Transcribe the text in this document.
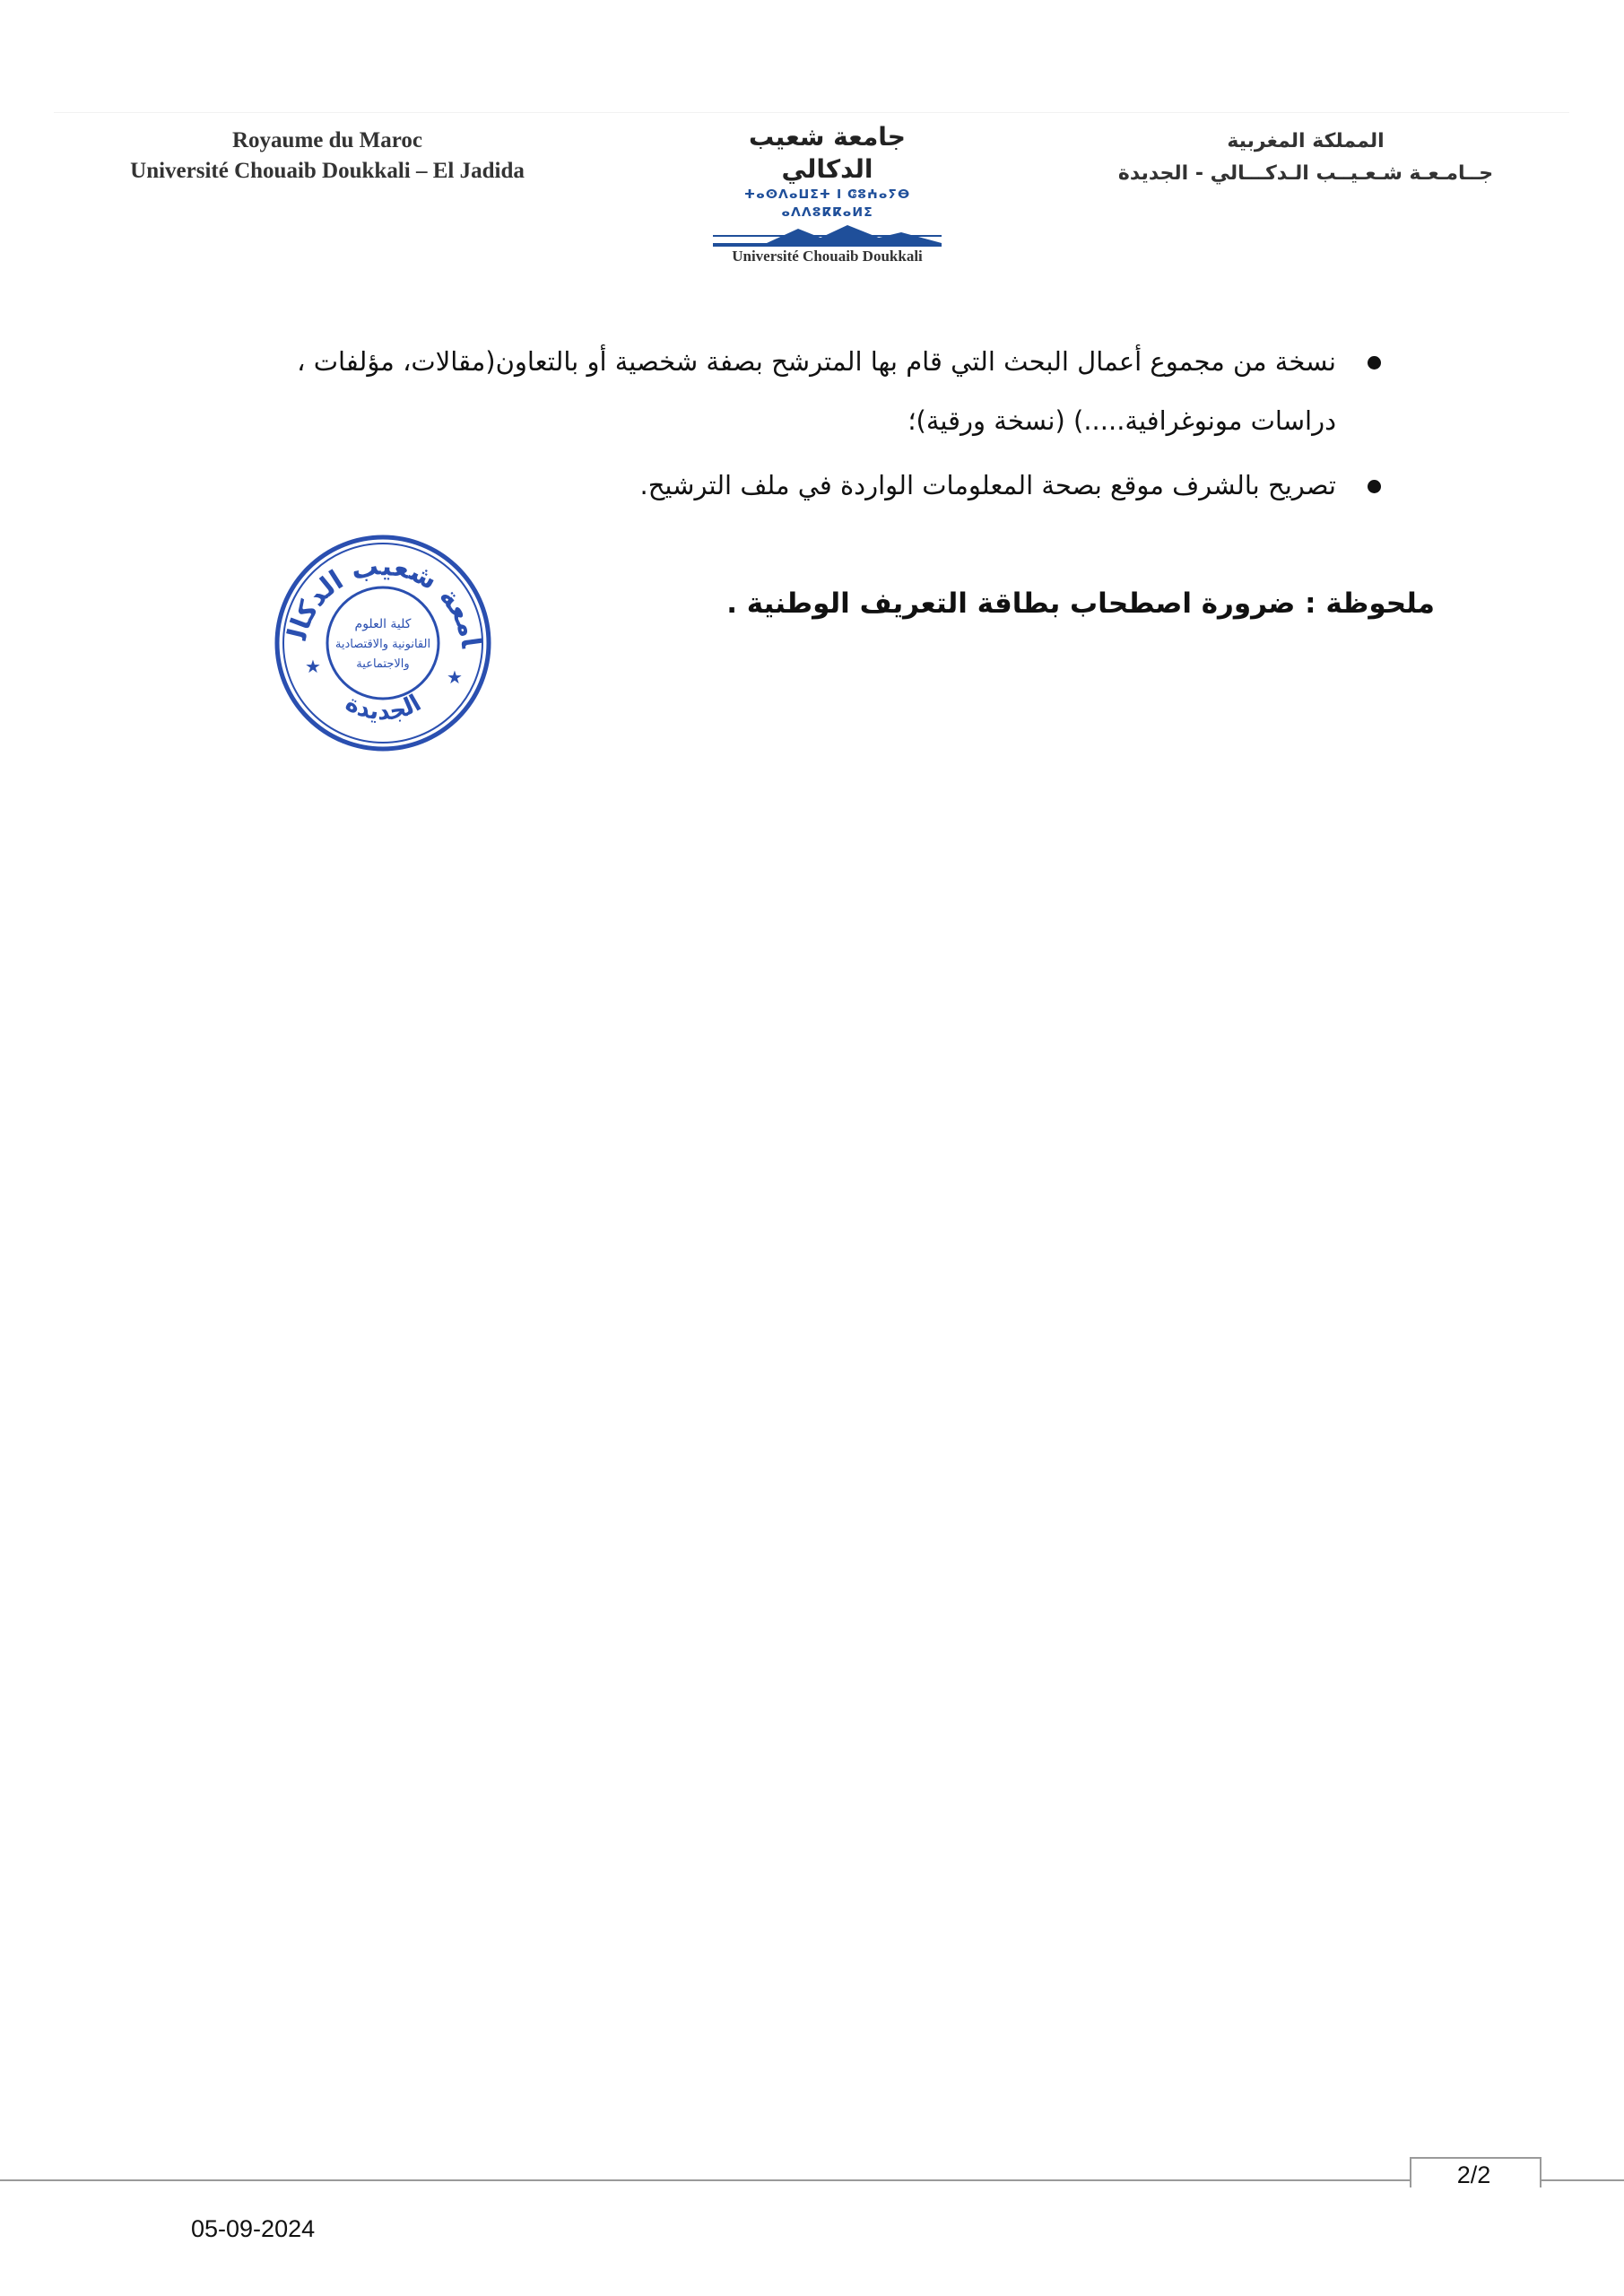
Royaume du Maroc
Université Chouaib Doukkali – El Jadida
جامعة شعيب الدكالي
ⵜⴰⵙⴷⴰⵡⵉⵜ ⵏ ⵛⵓⵄⴰⵢⴱ ⴰⴷⴷⵓⴽⴽⴰⵍⵉ
Université Chouaib Doukkali
المملكة المغربية
جــامـعـة شـعـيــب الـدكـــالي - الجديدة
نسخة من مجموع أعمال البحث التي قام بها المترشح بصفة شخصية أو بالتعاون(مقالات، مؤلفات ، دراسات مونوغرافية.....) (نسخة ورقية)؛
تصريح بالشرف موقع بصحة المعلومات الواردة في ملف الترشيح.
ملحوظة : ضرورة اصطحاب بطاقة التعريف الوطنية .
امعة شعيب الدكال
الجديدة
كلية العلوم
القانونية والاقتصادية
والاجتماعية
★	★
2/2
05-09-2024
